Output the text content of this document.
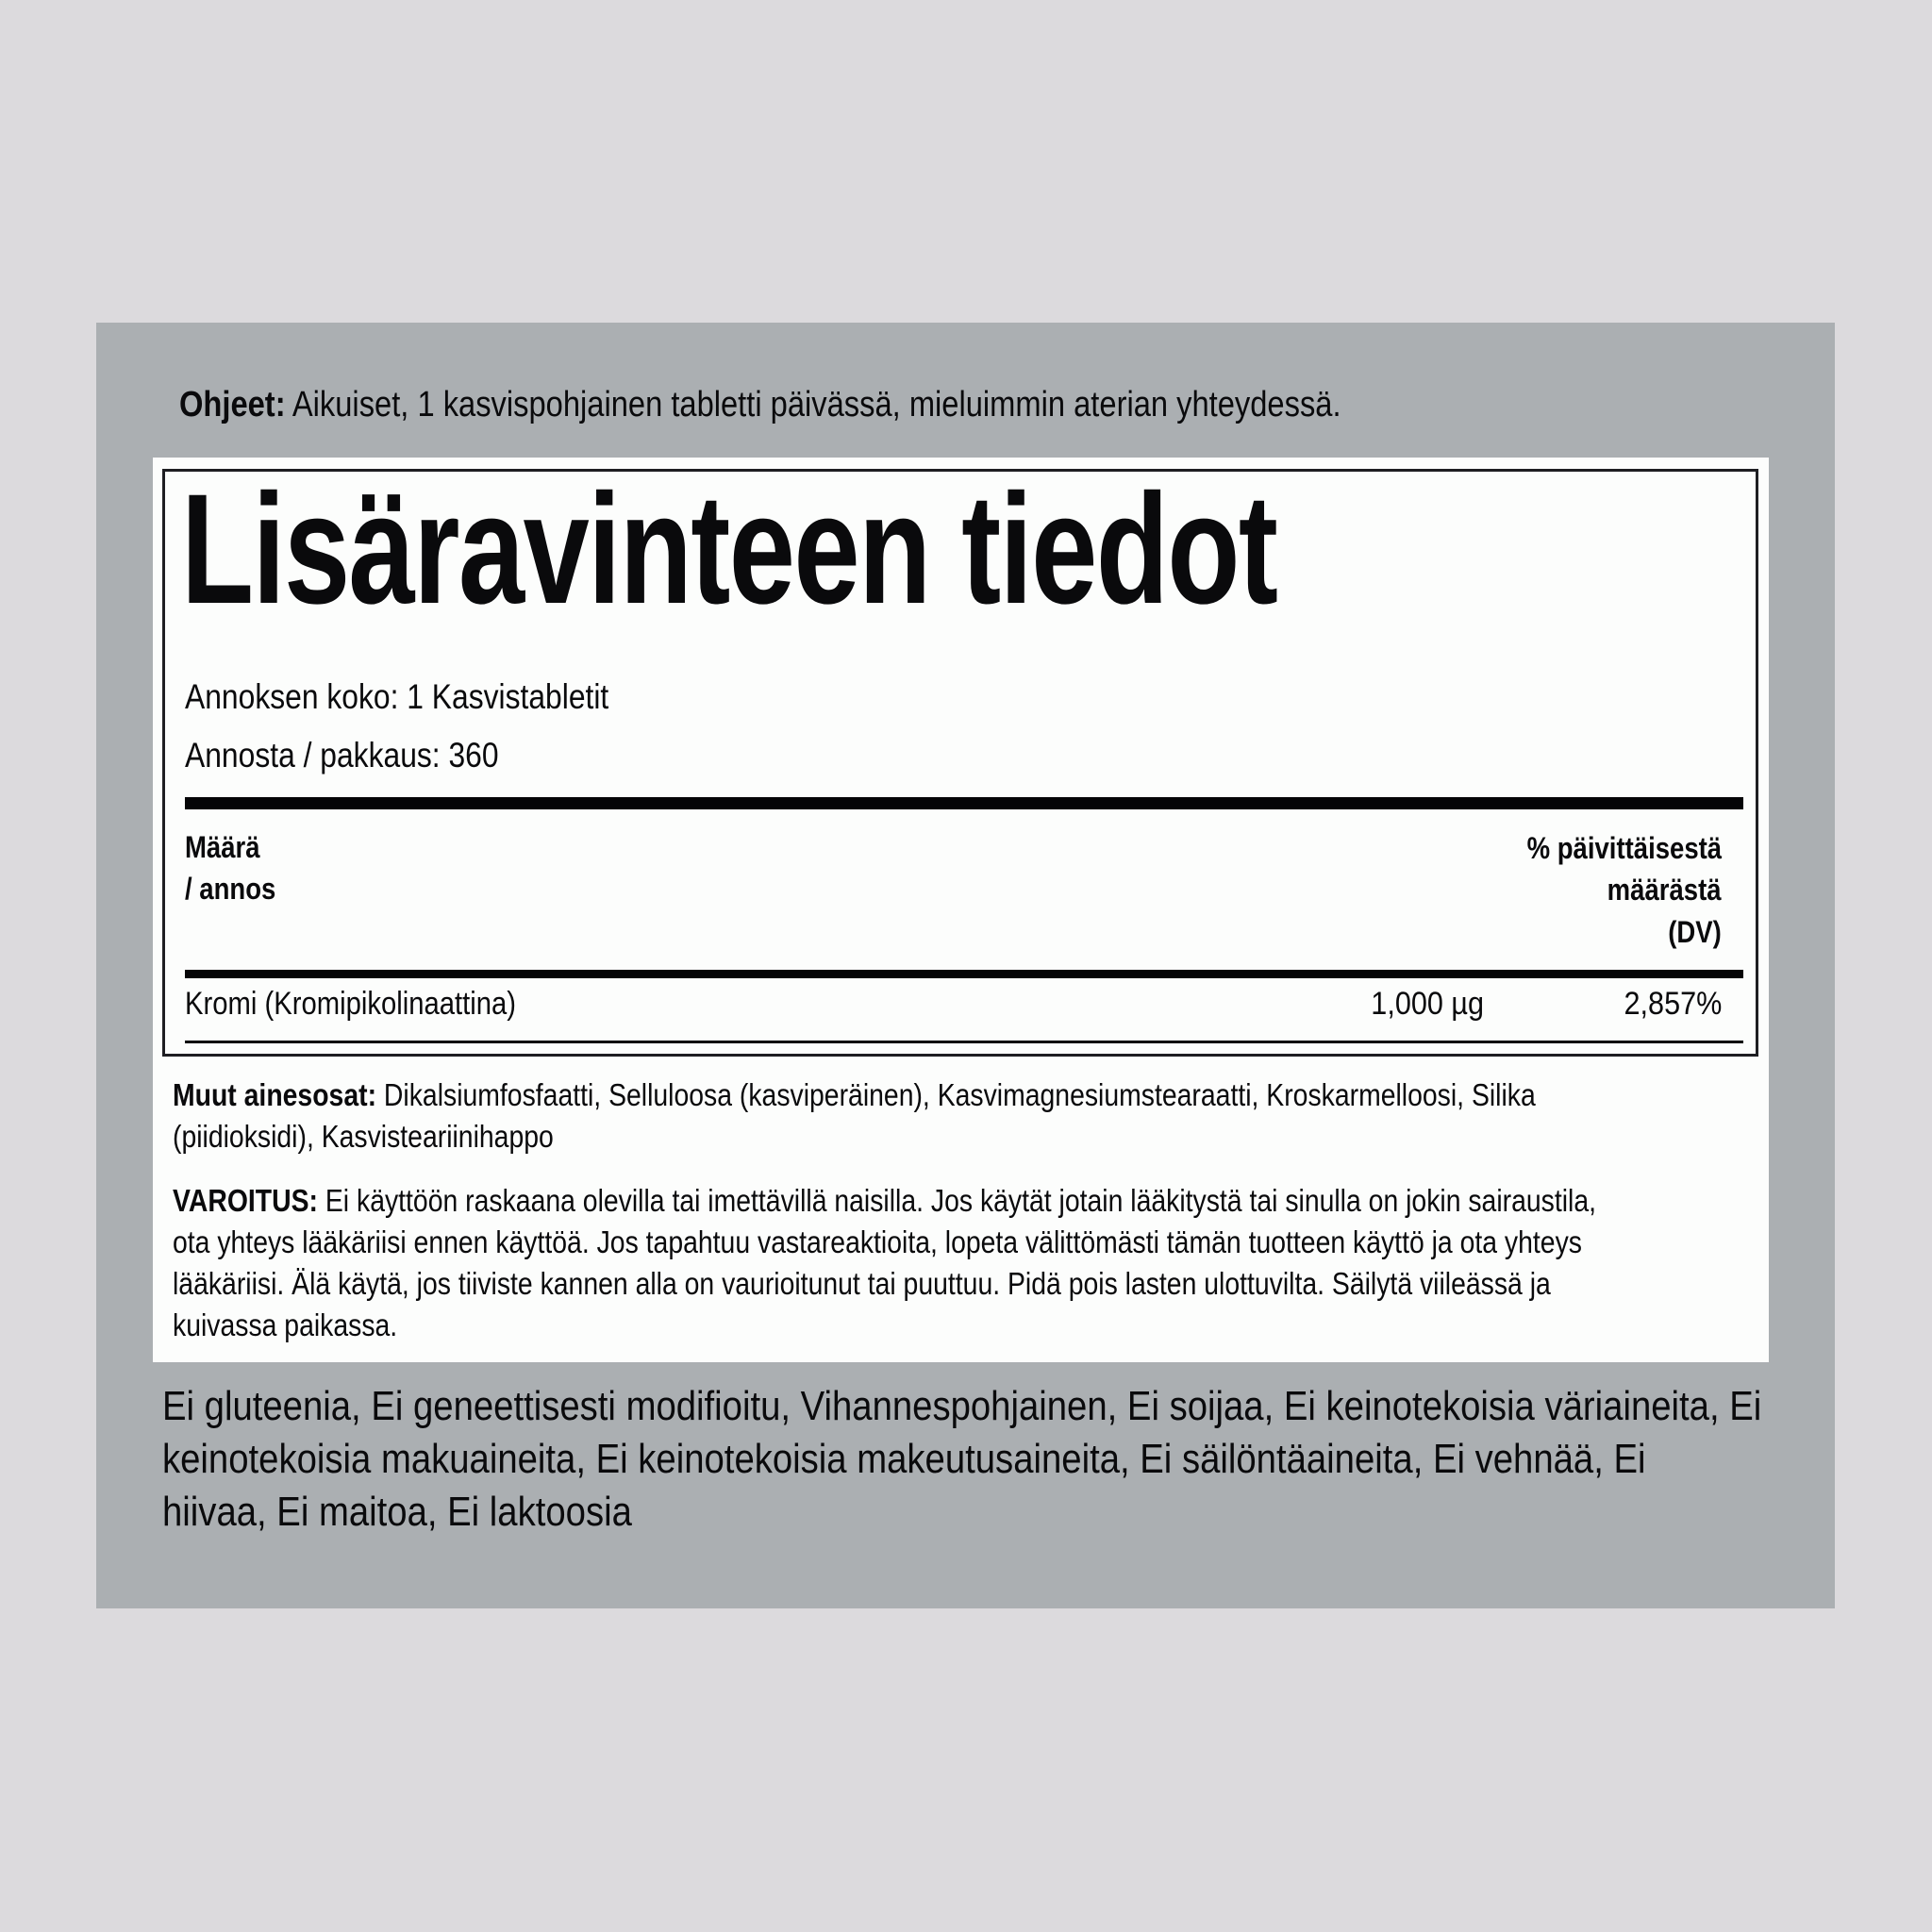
Ohjeet: Aikuiset, 1 kasvispohjainen tabletti päivässä, mieluimmin aterian yhteydessä.
Lisäravinteen tiedot
Annoksen koko: 1 Kasvistabletit
Annosta / pakkaus: 360
Määrä
/ annos
% päivittäisestä
määrästä
(DV)
Kromi (Kromipikolinaattina)	1,000 µg	2,857%
Muut ainesosat: Dikalsiumfosfaatti, Selluloosa (kasviperäinen), Kasvimagnesiumstearaatti, Kroskarmelloosi, Silika
(piidioksidi), Kasvisteariinihappo
VAROITUS: Ei käyttöön raskaana olevilla tai imettävillä naisilla. Jos käytät jotain lääkitystä tai sinulla on jokin sairaustila,
ota yhteys lääkäriisi ennen käyttöä. Jos tapahtuu vastareaktioita, lopeta välittömästi tämän tuotteen käyttö ja ota yhteys
lääkäriisi. Älä käytä, jos tiiviste kannen alla on vaurioitunut tai puuttuu. Pidä pois lasten ulottuvilta. Säilytä viileässä ja
kuivassa paikassa.
Ei gluteenia, Ei geneettisesti modifioitu, Vihannespohjainen, Ei soijaa, Ei keinotekoisia väriaineita, Ei
keinotekoisia makuaineita, Ei keinotekoisia makeutusaineita, Ei säilöntäaineita, Ei vehnää, Ei
hiivaa, Ei maitoa, Ei laktoosia
